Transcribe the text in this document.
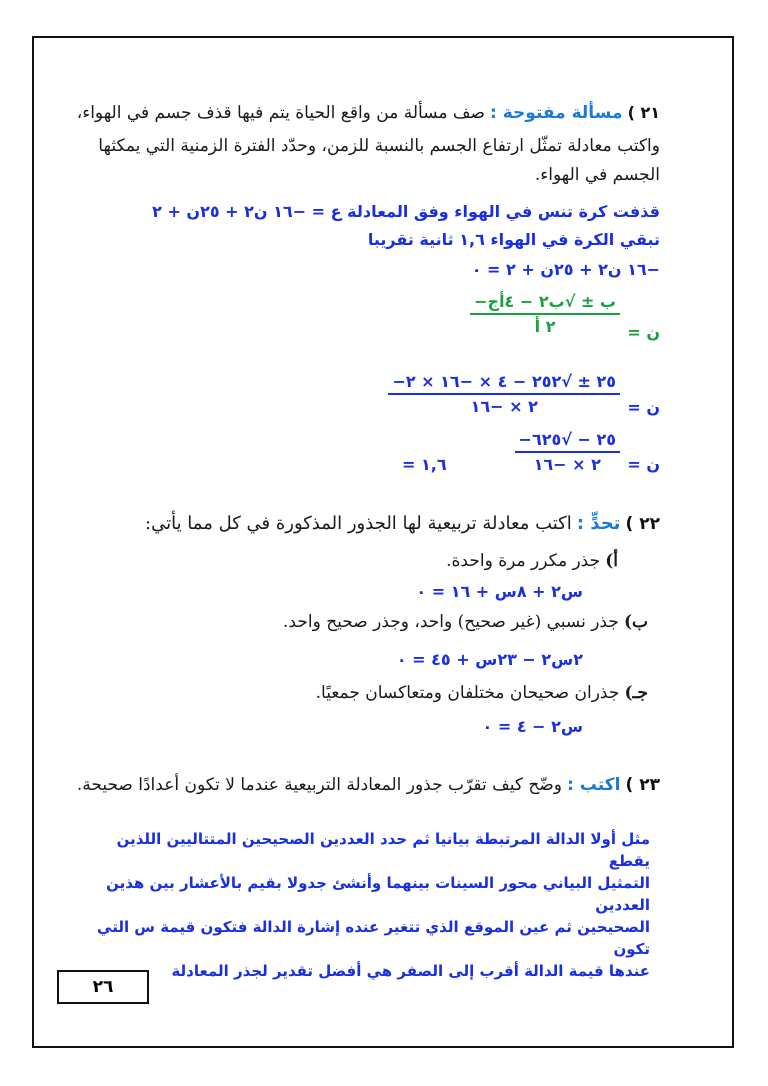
٢١ ) مسألة مفتوحة : صف مسألة من واقع الحياة يتم فيها قذف جسم في الهواء،
واكتب معادلة تمثّل ارتفاع الجسم بالنسبة للزمن، وحدّد الفترة الزمنية التي يمكثها
الجسم في الهواء.
قذفت كرة تنس في الهواء وفق المعادلة ع = −١٦ ن٢ + ٢٥ن + ٢
تبقي الكرة في الهواء ١,٦ ثانية تقريبا
−١٦ ن٢ + ٢٥ن + ٢ = ٠
ن =
−ب ± √ب٢ − ٤أج
٢ أ
ن =
−٢٥ ± √٢٥٢ − ٤ × −١٦ × ٢
٢ × −١٦
ن =
−٢٥ − √٦٢٥
٢ × −١٦
= ١,٦
٢٢ ) تحدٍّ : اكتب معادلة تربيعية لها الجذور المذكورة في كل مما يأتي:
أ) جذر مكرر مرة واحدة.
س٢ + ٨س + ١٦ = ٠
ب) جذر نسبي (غير صحيح) واحد، وجذر صحيح واحد.
٢س٢ − ٢٣س + ٤٥ = ٠
جـ) جذران صحيحان مختلفان ومتعاكسان جمعيًا.
س٢ − ٤ = ٠
٢٣ ) اكتب : وضّح كيف تقرّب جذور المعادلة التربيعية عندما لا تكون أعدادًا صحيحة.
مثل أولا الدالة المرتبطة بيانيا ثم حدد العددين الصحيحين المتتاليين اللذين يقطع
التمثيل البياني محور السينات بينهما وأنشئ جدولا بقيم بالأعشار بين هذين العددين
الصحيحين ثم عين الموقع الذي تتغير عنده إشارة الدالة فتكون قيمة س التي تكون
عندها قيمة الدالة أقرب إلى الصفر هي أفضل تقدير لجذر المعادلة
٢٦
